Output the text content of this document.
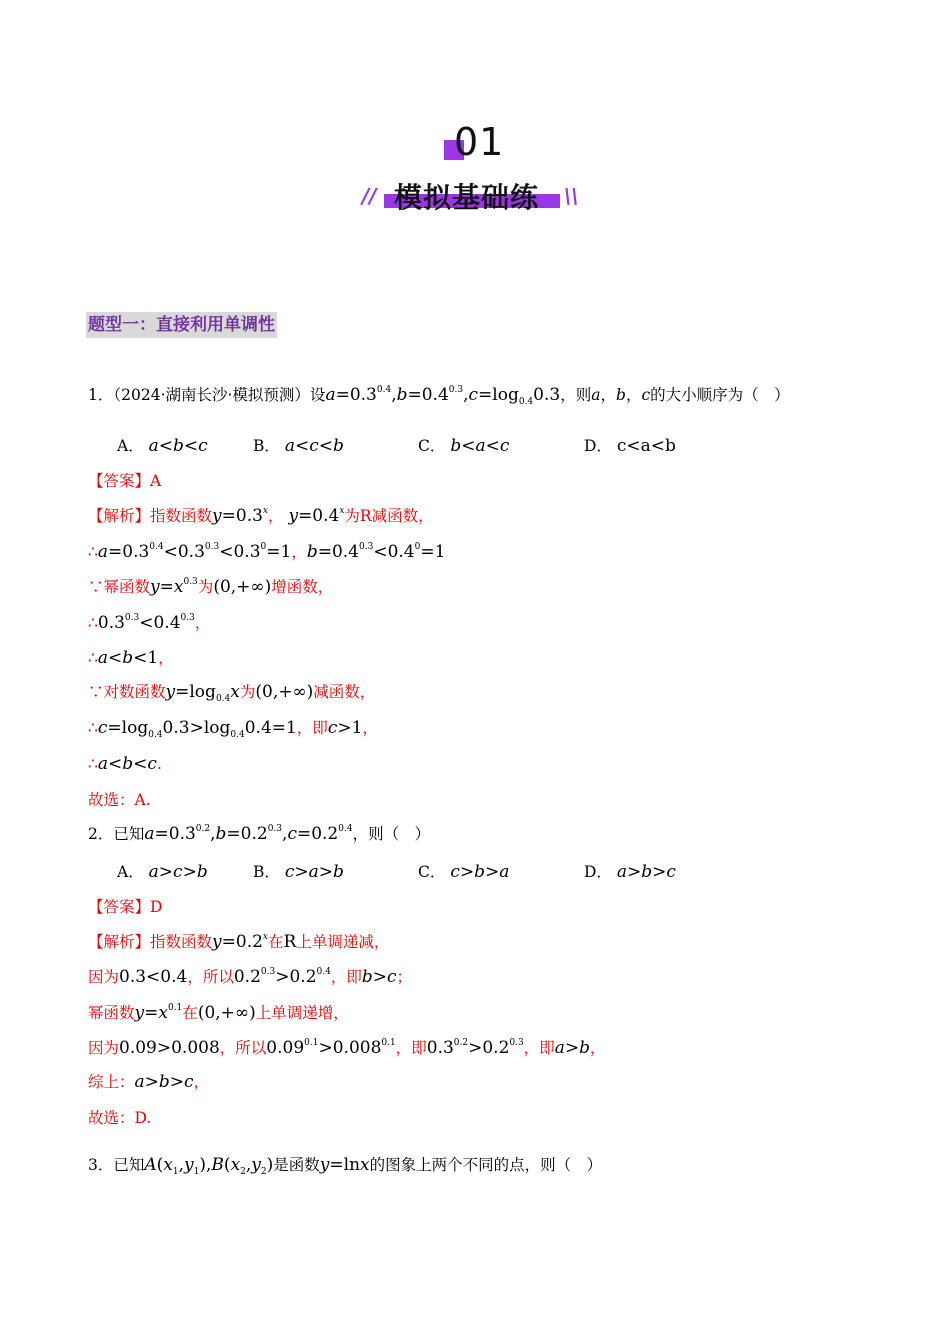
01
// 模拟基础练 \\
题型一：直接利用单调性
1．（2024·湖南长沙·模拟预测）设$a=0.3^{0.4},b=0.4^{0.3},c=\log_{0.4}0.3$，则a，b，c的大小顺序为（　）
A． a<b<c	B． a<c<b	C． b<a<c	D． c<a<b
【答案】A
【解析】指数函数$y=0.3^x$， $y=0.4^x$为R减函数，
$\therefore a=0.3^{0.4}<0.3^{0.3}<0.3^0=1$，$b=0.4^{0.3}<0.4^0=1$
∵幂函数$y=x^{0.3}$为(0,+∞)增函数，
$\therefore 0.3^{0.3}<0.4^{0.3}$，
∴a<b<1，
∵对数函数$y=\log_{0.4}x$为(0,+∞)减函数，
$\therefore c=\log_{0.4}0.3>\log_{0.4}0.4=1$，即c>1，
∴a<b<c.
故选：A.
2．已知$a=0.3^{0.2},b=0.2^{0.3},c=0.2^{0.4}$，则（　）
A． a>c>b	B． c>a>b	C． c>b>a	D． a>b>c
【答案】D
【解析】指数函数$y=0.2^x$在R上单调递减，
因为0.3<0.4，所以$0.2^{0.3}>0.2^{0.4}$，即b>c；
幂函数$y=x^{0.1}$在(0,+∞)上单调递增，
因为0.09>0.008，所以$0.09^{0.1}>0.008^{0.1}$，即$0.3^{0.2}>0.2^{0.3}$，即a>b，
综上：a>b>c，
故选：D.
3．已知$A(x_1,y_1),B(x_2,y_2)$是函数y=lnx的图象上两个不同的点，则（　）
